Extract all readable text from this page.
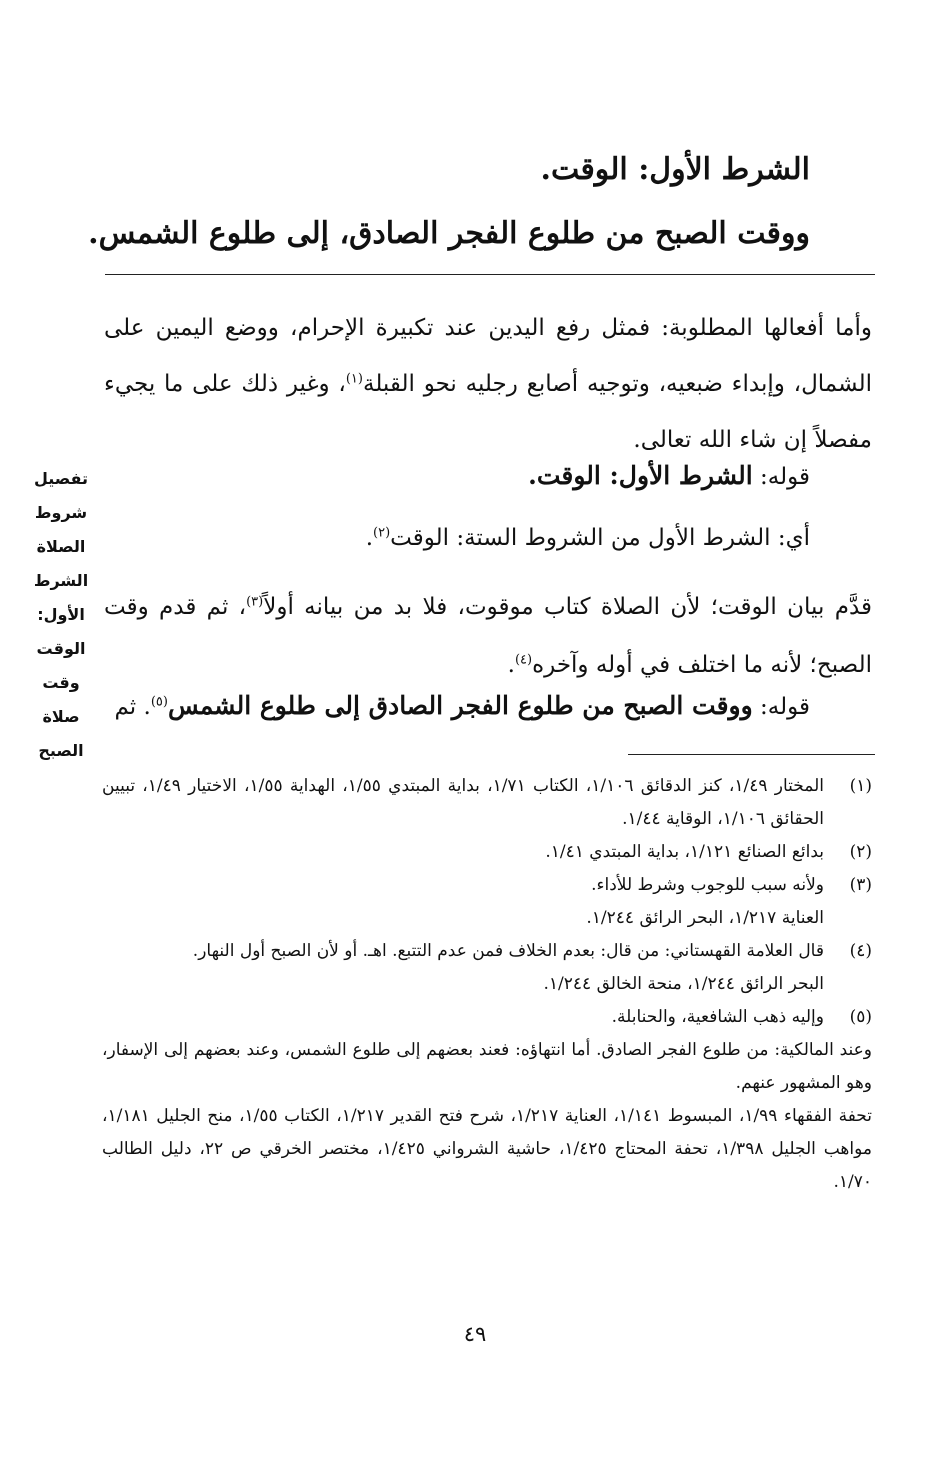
الشرط الأول: الوقت.
ووقت الصبح من طلوع الفجر الصادق، إلى طلوع الشمس.
وأما أفعالها المطلوبة: فمثل رفع اليدين عند تكبيرة الإحرام، ووضع اليمين على الشمال، وإبداء ضبعيه، وتوجيه أصابع رجليه نحو القبلة$^{(١)}$، وغير ذلك على ما يجيء مفصلاً إن شاء الله تعالى.
قوله: الشرط الأول: الوقت.
أي: الشرط الأول من الشروط الستة: الوقت$^{(٢)}$.
قدَّم بيان الوقت؛ لأن الصلاة كتاب موقوت، فلا بد من بيانه أولاً$^{(٣)}$، ثم قدم وقت الصبح؛ لأنه ما اختلف في أوله وآخره$^{(٤)}$.
قوله: ووقت الصبح من طلوع الفجر الصادق إلى طلوع الشمس$^{(٥)}$. ثم
تفصيل شروط الصلاة الشرط الأول: الوقت وقت صلاة الصبح
(١)
المختار ١/٤٩، كنز الدقائق ١/١٠٦، الكتاب ١/٧١، بداية المبتدي ١/٥٥، الهداية ١/٥٥، الاختيار ١/٤٩، تبيين الحقائق ١/١٠٦، الوقاية ١/٤٤.
(٢)
بدائع الصنائع ١/١٢١، بداية المبتدي ١/٤١.
(٣)
ولأنه سبب للوجوب وشرط للأداء.
العناية ١/٢١٧، البحر الرائق ١/٢٤٤.
(٤)
قال العلامة القهستاني: من قال: بعدم الخلاف فمن عدم التتبع. اهـ. أو لأن الصبح أول النهار.
البحر الرائق ١/٢٤٤، منحة الخالق ١/٢٤٤.
(٥)
وإليه ذهب الشافعية، والحنابلة.
وعند المالكية: من طلوع الفجر الصادق. أما انتهاؤه: فعند بعضهم إلى طلوع الشمس، وعند بعضهم إلى الإسفار، وهو المشهور عنهم.
تحفة الفقهاء ١/٩٩، المبسوط ١/١٤١، العناية ١/٢١٧، شرح فتح القدير ١/٢١٧، الكتاب ١/٥٥، منح الجليل ١/١٨١، مواهب الجليل ١/٣٩٨، تحفة المحتاج ١/٤٢٥، حاشية الشرواني ١/٤٢٥، مختصر الخرقي ص ٢٢، دليل الطالب ١/٧٠.
٤٩
